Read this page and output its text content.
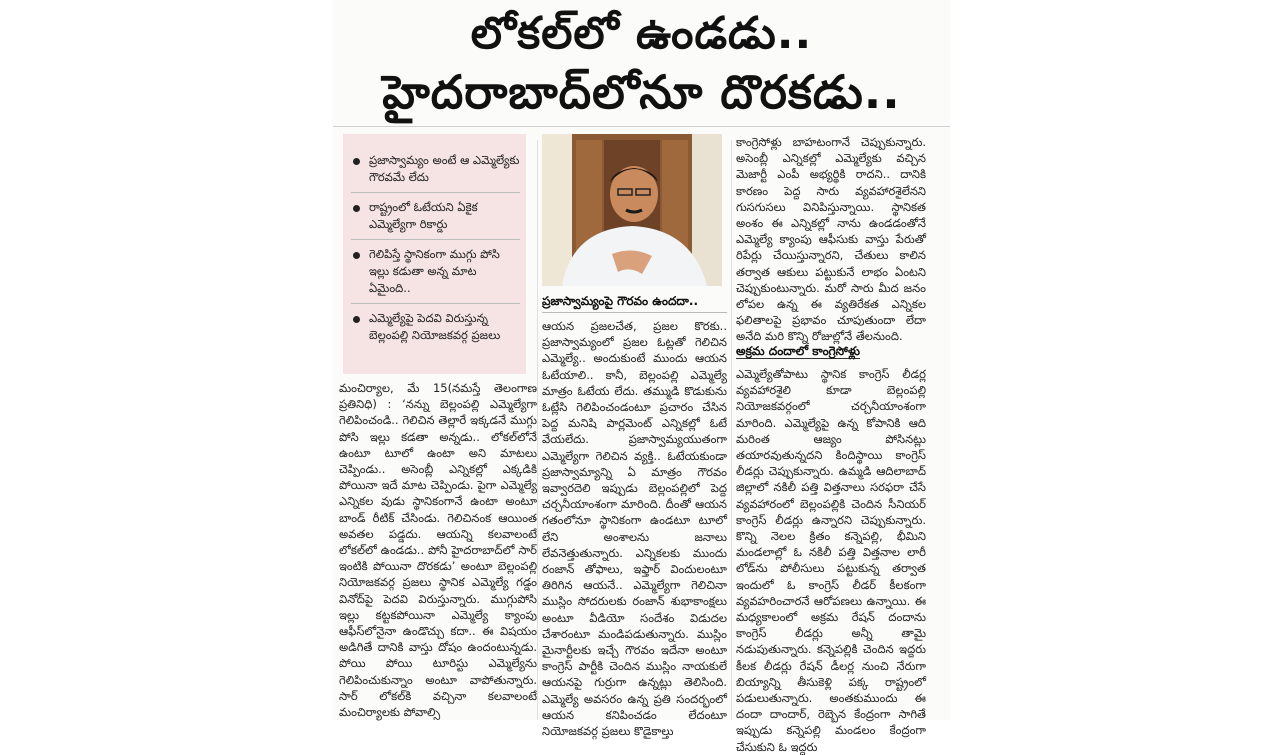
లోకల్‌లో ఉండడు..
హైదరాబాద్‌లోనూ దొరకడు..
ప్రజాస్వామ్యం అంటే ఆ ఎమ్మెల్యేకు గౌరవమే లేదు
రాష్ట్రంలో ఓటేయని ఏకైక ఎమ్మెల్యేగా రికార్డు
గెలిపిస్తే స్థానికంగా ముగ్గు పోసి ఇల్లు కడుతా అన్న మాట ఏమైంది..
ఎమ్మెల్యేపై పెదవి విరుస్తున్న బెల్లంపల్లి నియోజకవర్గ ప్రజలు
ప్రజాస్వామ్యంపై గౌరవం ఉందదా..

మంచిర్యాల, మే 15(నమస్తే తెలంగాణ ప్రతినిధి) : ‘నన్ను బెల్లంపల్లి ఎమ్మెల్యేగా గెలిపించండి.. గెలిచిన తెల్లారే ఇక్కడనే ముగ్గు పోసి ఇల్లు కడతా అన్నడు.. లోకల్‌లోనే ఉంటూ టూలో ఉంటా అని మాటలు చెప్పిండు.. అసెంబ్లీ ఎన్నికల్లో ఎక్కడికి పోయినా ఇదే మాట చెప్పిండు. పైగా ఎమ్మెల్యే ఎన్నికల వుడు స్థానికంగానే ఉంటా అంటూ బాండ్ రీటిక్ చేసిండు. గెలిచినంక ఆయింత అవతల పడ్డదు. ఆయన్ని కలవాలంటే లోకల్‌లో ఉండడు.. పోనీ హైదరాబాద్‌లో సార్ ఇంటికి పోయినా దొరకడు’ అంటూ బెల్లంపల్లి నియోజకవర్గ ప్రజలు స్థానిక ఎమ్మెల్యే గడ్డం వినోద్‌పై పెదవి విరుస్తున్నారు. ముగ్గుపోసి ఇల్లు కట్టకపోయినా ఎమ్మెల్యే క్యాంపు ఆఫీస్‌లోనైనా ఉండొచ్చు కదా.. ఈ విషయం అడిగితే దానికి వాస్తు దోషం ఉందంటున్నడు. పోయి పోయి టూరిస్టు ఎమ్మెల్యేను గెలిపించుకున్నాం అంటూ వాపోతున్నారు. సార్ లోకల్‌కి వచ్చినా కలవాలంటే మంచిర్యాలకు పోవాల్సి

ఆయన ప్రజలచేత, ప్రజల కొరకు.. ప్రజాస్వామ్యంలో ప్రజల ఓట్లతో గెలిచిన ఎమ్మెల్యే.. అందుకుంటే ముందు ఆయన ఓటేయాలి.. కానీ, బెల్లంపల్లి ఎమ్మెల్యే మాత్రం ఓటేయ లేదు. తమ్ముడి కొడుకును ఓట్లేసి గెలిపించండంటూ ప్రచారం చేసిన పెద్ద మనిషి పార్లమెంట్ ఎన్నికల్లో ఓటే వేయలేదు. ప్రజాస్వామ్యయుతంగా ఎమ్మెల్యేగా గెలిచిన వ్యక్తి.. ఓటేయకుండా ప్రజాస్వామ్యాన్ని ఏ మాత్రం గౌరవం ఇవ్వారదెలి ఇప్పుడు బెల్లంపల్లిలో పెద్ద చర్చనీయాంశంగా మారింది. దీంతో ఆయన గతంలోనూ స్థానికంగా ఉండటూ టూలో లేని అంశాలను జనాలు లేవనెత్తుతున్నారు. ఎన్నికలకు ముందు రంజాన్ తోఫాలు, ఇఫ్తార్ విందులంటూ తిరిగిన ఆయనే.. ఎమ్మెల్యేగా గెలిచినా ముస్లిం సోదరులకు రంజాన్ శుభాకాంక్షలు అంటూ వీడియో సందేశం విడుదల చేశారంటూ మండిపడుతున్నారు. ముస్లిం మైనార్టీలకు ఇచ్చే గౌరవం ఇదేనా అంటూ కాంగ్రెస్ పార్టీకి చెందిన ముస్లిం నాయకులే ఆయనపై గుర్రుగా ఉన్నట్లు తెలిసింది. ఎమ్మెల్యే అవసరం ఉన్న ప్రతి సందర్భంలో ఆయన కనిపించడం లేదంటూ నియోజకవర్గ ప్రజలు కొడైకాల్తు

కాంగ్రెసోళ్లు బాహటంగానే చెప్పుకున్నారు. అసెంబ్లీ ఎన్నికల్లో ఎమ్మెల్యేకు వచ్చిన మెజార్టీ ఎంపీ అభ్యర్థికి రాదని.. దానికి కారణం పెద్ద సారు వ్యవహారశైలేనని గుసగుసలు వినిపిస్తున్నాయి. స్థానికత అంశం ఈ ఎన్నికల్లో నాను ఉండడంతోనే ఎమ్మెల్యే క్యాంపు ఆఫీసుకు వాస్తు పేరుతో రిపేర్లు చేయిస్తున్నారని, చేతులు కాలిన తర్వాత ఆకులు పట్టుకునే లాభం ఏంటని చెప్పుకుంటున్నారు. మరో సారు మీద జనం లోపల ఉన్న ఈ వ్యతిరేకత ఎన్నికల ఫలితాలపై ప్రభావం చూపుతుందా లేదా అనేది మరి కొన్ని రోజుల్లోనే తేలనుంది.

అక్రమ దందాలో కాంగ్రెసోళ్లు

ఎమ్మెల్యేతోపాటు స్థానిక కాంగ్రెస్ లీడర్ల వ్యవహారశైలి కూడా బెల్లంపల్లి నియోజకవర్గంలో చర్చనీయాంశంగా మారింది. ఎమ్మెల్యేపై ఉన్న కోపానికి ఆది మరింత ఆజ్యం పోసినట్లు తయారవుతున్నదని కిందిస్థాయి కాంగ్రెస్ లీడర్లు చెప్పుకున్నారు. ఉమ్మడి ఆదిలాబాద్ జిల్లాలో నకిలీ పత్తి విత్తనాలు సరఫరా చేసే వ్యవహారంలో బెల్లంపల్లికి చెందిన సీనియర్ కాంగ్రెస్ లీడర్లు ఉన్నారని చెప్పుకున్నారు. కొన్ని నెలల క్రితం కన్నెపల్లి, భీమిని మండలాల్లో ఓ నకిలీ పత్తి విత్తనాల లారీ లోడ్‌ను పోలీసులు పట్టుకున్న తర్వాత ఇందులో ఓ కాంగ్రెస్ లీడర్ కీలకంగా వ్యవహరించారనే ఆరోపణలు ఉన్నాయి. ఈ మధ్యకాలంలో అక్రమ రేషన్ దందాను కాంగ్రెస్ లీడర్లు అన్నీ తామై నడుపుతున్నారు. కన్నెపల్లికి చెందిన ఇద్దరు కీలక లీడర్లు రేషన్ డీలర్ల నుంచి నేరుగా బియ్యాన్ని తీసుకెళ్లి పక్క రాష్ట్రంలో పడులుతున్నారు. అంతకుముందు ఈ దందా దాందార్, రెబ్బెన కేంద్రంగా సాగితే ఇప్పుడు కన్నెపల్లి మండలం కేంద్రంగా చేసుకుని ఓ ఇద్దరు
